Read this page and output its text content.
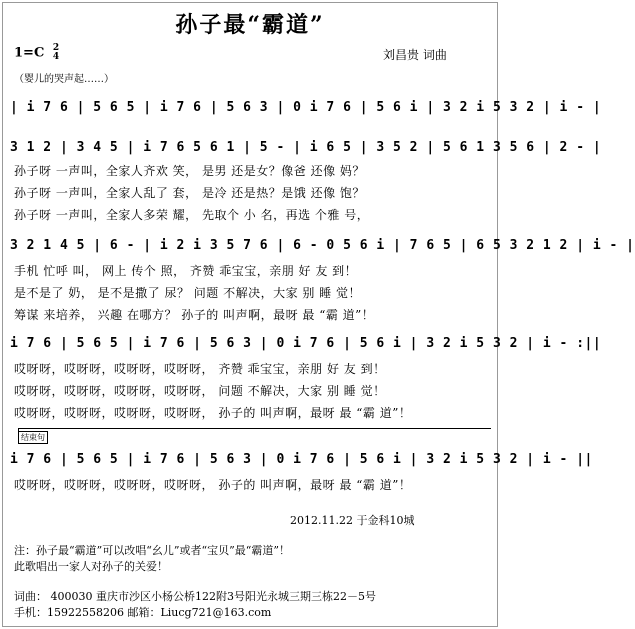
孙子最“霸道”
1=C 2
4	刘昌贵 词曲
（婴儿的哭声起……）
| i 7 6 | 5 6 5 | i 7 6 | 5 6 3 | 0 i 7 6 | 5 6 i | 3 2 i 5 3 2 | i - |
3 1 2 | 3 4 5 | i 7 6 5 6 1 | 5 - | i 6 5 | 3 5 2 | 5 6 1 3 5 6 | 2 - |
孙子呀 一声叫，全家人齐欢 笑， 是男 还是女？像爸 还像 妈？
孙子呀 一声叫，全家人乱了 套， 是冷 还是热？是饿 还像 饱？
孙子呀 一声叫，全家人多荣 耀， 先取个 小 名，再选 个雅 号，
3 2 1 4 5 | 6 - | i 2 i 3 5 7 6 | 6 - 0 5 6 i | 7 6 5 | 6 5 3 2 1 2 | i - |
手机 忙呼 叫， 网上 传个 照， 齐赞 乖宝宝，亲朋 好 友 到！
是不是了 奶， 是不是撒了 尿？ 问题 不解决，大家 别 睡 觉！
筹谋 来培养， 兴趣 在哪方？ 孙子的 叫声啊，最呀 最 “霸 道”！
i 7 6 | 5 6 5 | i 7 6 | 5 6 3 | 0 i 7 6 | 5 6 i | 3 2 i 5 3 2 | i - :||
哎呀呀，哎呀呀，哎呀呀，哎呀呀， 齐赞 乖宝宝，亲朋 好 友 到！
哎呀呀，哎呀呀，哎呀呀，哎呀呀， 问题 不解决，大家 别 睡 觉！
哎呀呀，哎呀呀，哎呀呀，哎呀呀， 孙子的 叫声啊，最呀 最 “霸 道”！
结束句
i 7 6 | 5 6 5 | i 7 6 | 5 6 3 | 0 i 7 6 | 5 6 i | 3 2 i 5 3 2 | i - ||
哎呀呀，哎呀呀，哎呀呀，哎呀呀， 孙子的 叫声啊，最呀 最 “霸 道”！
2012.11.22 于金科10城
注：孙子最“霸道”可以改唱“幺儿”或者“宝贝”最“霸道”！
此歌唱出一家人对孙子的关爱！
词曲： 400030 重庆市沙区小杨公桥122附3号阳光永城三期三栋22－5号
手机：15922558206 邮箱：Liucg721@163.com
